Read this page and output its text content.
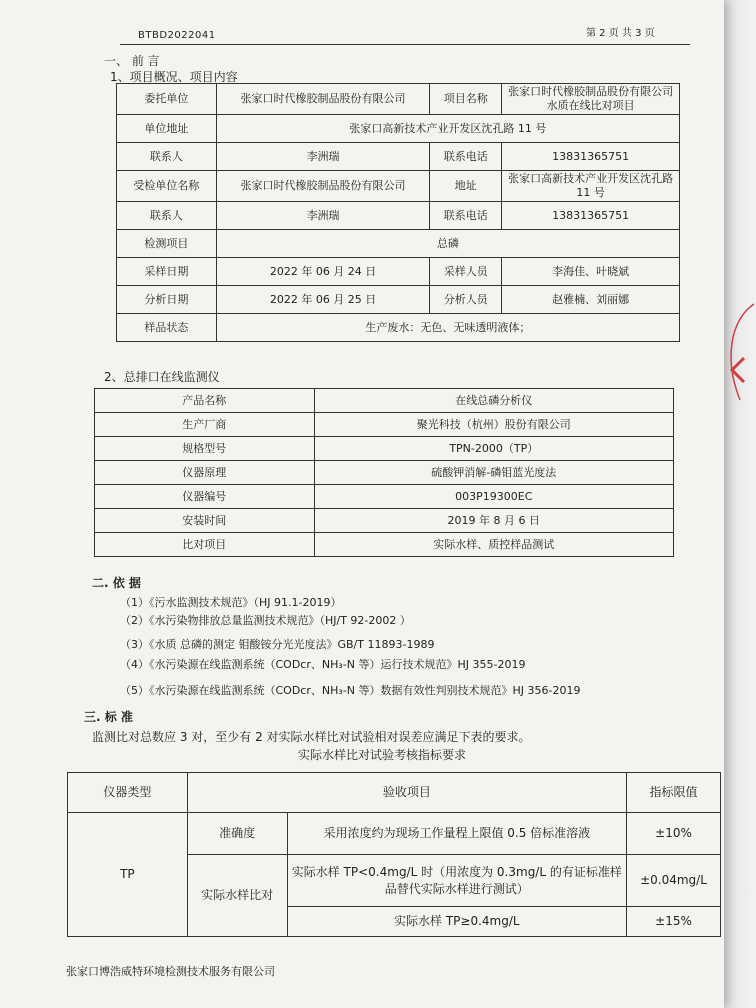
BTBD2022041	第 2 页 共 3 页
一、 前 言
1、项目概况、项目内容
委托单位	张家口时代橡胶制品股份有限公司	项目名称	张家口时代橡胶制品股份有限公司水质在线比对项目
单位地址	张家口高新技术产业开发区沈孔路 11 号		
联系人	李洲瑞	联系电话	13831365751
受检单位名称	张家口时代橡胶制品股份有限公司	地址	张家口高新技术产业开发区沈孔路 11 号
联系人	李洲瑞	联系电话	13831365751
检测项目	总磷		
采样日期	2022 年 06 月 24 日	采样人员	李海佳、叶晓斌
分析日期	2022 年 06 月 25 日	分析人员	赵雅楠、刘丽娜
样品状态	生产废水：无色、无味透明液体；		
2、总排口在线监测仪
产品名称	在线总磷分析仪
生产厂商	聚光科技（杭州）股份有限公司
规格型号	TPN-2000（TP）
仪器原理	硫酸钾消解-磷钼蓝光度法
仪器编号	003P19300EC
安装时间	2019 年 8 月 6 日
比对项目	实际水样、质控样品测试
二. 依 据
（1）《污水监测技术规范》（HJ 91.1-2019）
（2）《水污染物排放总量监测技术规范》（HJ/T 92-2002 ）
（3）《水质 总磷的测定 钼酸铵分光光度法》GB/T 11893-1989
（4）《水污染源在线监测系统（CODcr、NH₃-N 等）运行技术规范》HJ 355-2019
（5）《水污染源在线监测系统（CODcr、NH₃-N 等）数据有效性判别技术规范》HJ 356-2019
三. 标 准
监测比对总数应 3 对，至少有 2 对实际水样比对试验相对误差应满足下表的要求。
实际水样比对试验考核指标要求
仪器类型	验收项目		指标限值
TP	准确度	采用浓度约为现场工作量程上限值 0.5 倍标准溶液	±10%
	实际水样比对	实际水样 TP<0.4mg/L 时（用浓度为 0.3mg/L 的有证标准样品替代实际水样进行测试）	±0.04mg/L
		实际水样 TP≥0.4mg/L	±15%
张家口博浩威特环境检测技术服务有限公司
